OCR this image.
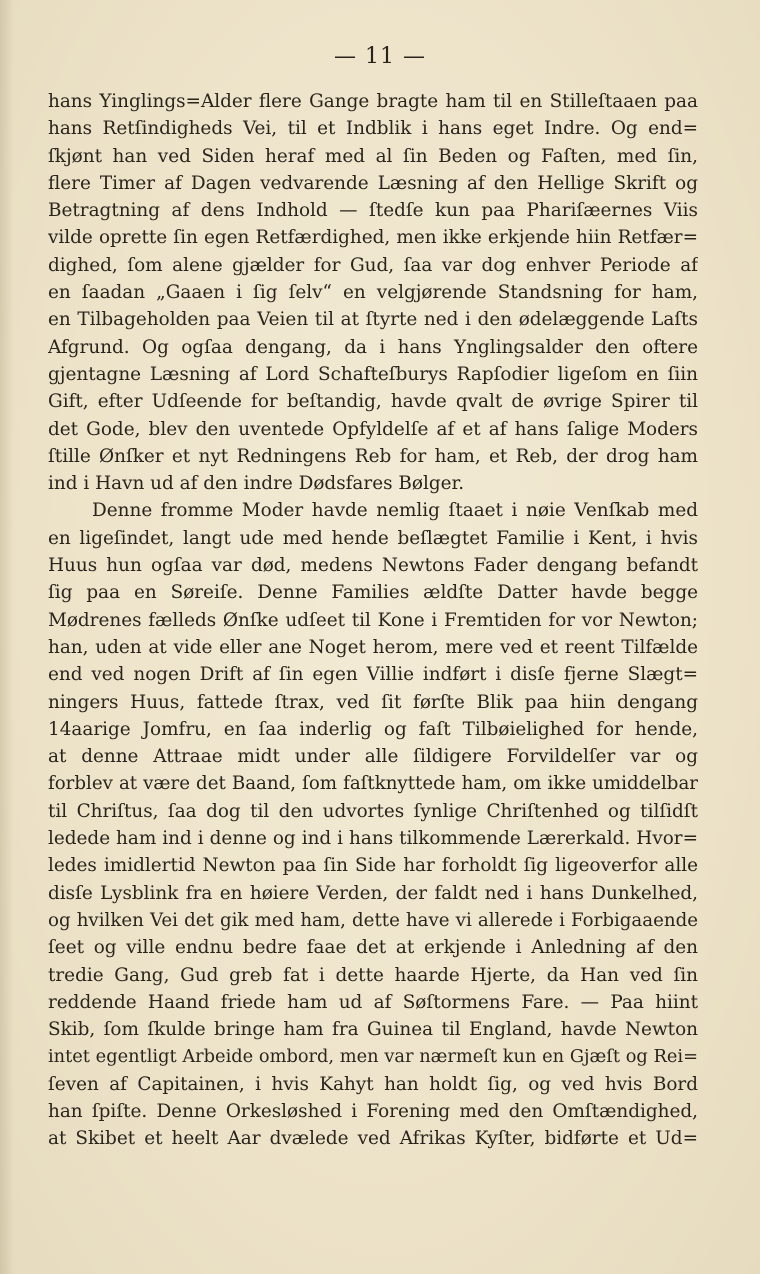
— 11 —
hans Yinglings=Alder flere Gange bragte ham til en Stilleſtaaen paa
hans Retſindigheds Vei, til et Indblik i hans eget Indre. Og end=
ſkjønt han ved Siden heraf med al ſin Beden og Faſten, med ſin,
flere Timer af Dagen vedvarende Læsning af den Hellige Skrift og
Betragtning af dens Indhold — ſtedſe kun paa Phariſæernes Viis
vilde oprette ſin egen Retfærdighed, men ikke erkjende hiin Retfær=
dighed, ſom alene gjælder for Gud, ſaa var dog enhver Periode af
en ſaadan „Gaaen i ſig ſelv“ en velgjørende Standsning for ham,
en Tilbageholden paa Veien til at ſtyrte ned i den ødelæggende Laſts
Afgrund. Og ogſaa dengang, da i hans Ynglingsalder den oftere
gjentagne Læsning af Lord Schafteſburys Rapſodier ligeſom en ſiin
Gift, efter Udſeende for beſtandig, havde qvalt de øvrige Spirer til
det Gode, blev den uventede Opfyldelſe af et af hans ſalige Moders
ſtille Ønſker et nyt Redningens Reb for ham, et Reb, der drog ham
ind i Havn ud af den indre Dødsfares Bølger.
Denne fromme Moder havde nemlig ſtaaet i nøie Venſkab med
en ligeſindet, langt ude med hende beſlægtet Familie i Kent, i hvis
Huus hun ogſaa var død, medens Newtons Fader dengang befandt
ſig paa en Søreiſe. Denne Families ældſte Datter havde begge
Mødrenes fælleds Ønſke udſeet til Kone i Fremtiden for vor Newton;
han, uden at vide eller ane Noget herom, mere ved et reent Tilfælde
end ved nogen Drift af ſin egen Villie indført i disſe fjerne Slægt=
ningers Huus, fattede ſtrax, ved ſit førſte Blik paa hiin dengang
14aarige Jomfru, en ſaa inderlig og faſt Tilbøielighed for hende,
at denne Attraae midt under alle ſildigere Forvildelſer var og
forblev at være det Baand, ſom faſtknyttede ham, om ikke umiddelbar
til Chriſtus, ſaa dog til den udvortes ſynlige Chriſtenhed og tilſidſt
ledede ham ind i denne og ind i hans tilkommende Lærerkald. Hvor=
ledes imidlertid Newton paa ſin Side har forholdt ſig ligeoverfor alle
disſe Lysblink fra en høiere Verden, der faldt ned i hans Dunkelhed,
og hvilken Vei det gik med ham, dette have vi allerede i Forbigaaende
ſeet og ville endnu bedre faae det at erkjende i Anledning af den
tredie Gang, Gud greb fat i dette haarde Hjerte, da Han ved ſin
reddende Haand friede ham ud af Søſtormens Fare. — Paa hiint
Skib, ſom ſkulde bringe ham fra Guinea til England, havde Newton
intet egentligt Arbeide ombord, men var nærmeſt kun en Gjæſt og Rei=
ſeven af Capitainen, i hvis Kahyt han holdt ſig, og ved hvis Bord
han ſpiſte. Denne Orkesløshed i Forening med den Omſtændighed,
at Skibet et heelt Aar dvælede ved Afrikas Kyſter, bidførte et Ud=
